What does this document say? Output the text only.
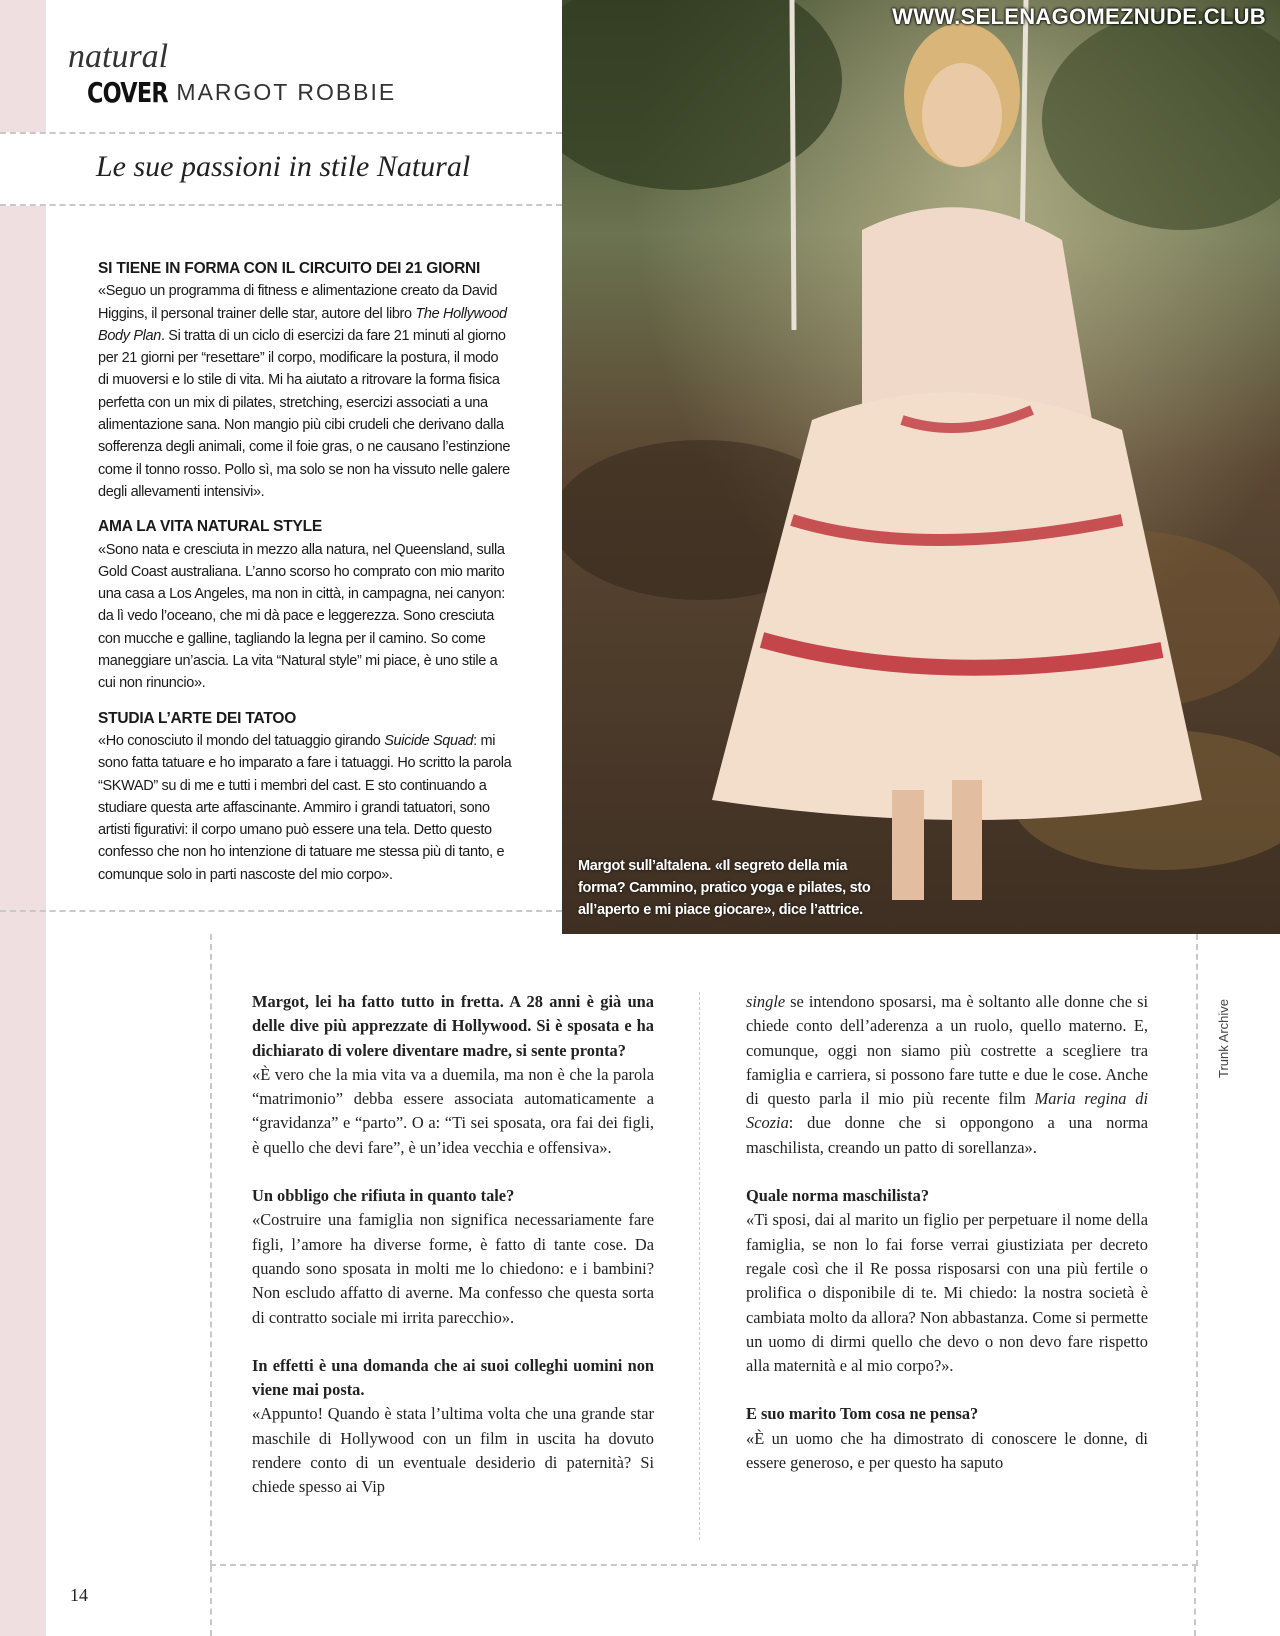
natural
COVER MARGOT ROBBIE
Le sue passioni in stile Natural
SI TIENE IN FORMA CON IL CIRCUITO DEI 21 GIORNI

«Seguo un programma di fitness e alimentazione creato da David Higgins, il personal trainer delle star, autore del libro The Hollywood Body Plan. Si tratta di un ciclo di esercizi da fare 21 minuti al giorno per 21 giorni per “resettare” il corpo, modificare la postura, il modo di muoversi e lo stile di vita. Mi ha aiutato a ritrovare la forma fisica perfetta con un mix di pilates, stretching, esercizi associati a una alimentazione sana. Non mangio più cibi crudeli che derivano dalla sofferenza degli animali, come il foie gras, o ne causano l’estinzione come il tonno rosso. Pollo sì, ma solo se non ha vissuto nelle galere degli allevamenti intensivi».

AMA LA VITA NATURAL STYLE

«Sono nata e cresciuta in mezzo alla natura, nel Queensland, sulla Gold Coast australiana. L’anno scorso ho comprato con mio marito una casa a Los Angeles, ma non in città, in campagna, nei canyon: da lì vedo l’oceano, che mi dà pace e leggerezza. Sono cresciuta con mucche e galline, tagliando la legna per il camino. So come maneggiare un’ascia. La vita “Natural style” mi piace, è uno stile a cui non rinuncio».

STUDIA L’ARTE DEI TATOO

«Ho conosciuto il mondo del tatuaggio girando Suicide Squad: mi sono fatta tatuare e ho imparato a fare i tatuaggi. Ho scritto la parola “SKWAD” su di me e tutti i membri del cast. E sto continuando a studiare questa arte affascinante. Ammiro i grandi tatuatori, sono artisti figurativi: il corpo umano può essere una tela. Detto questo confesso che non ho intenzione di tatuare me stessa più di tanto, e comunque solo in parti nascoste del mio corpo».

WWW.SELENAGOMEZNUDE.CLUB
Margot sull’altalena. «Il segreto della mia forma? Cammino, pratico yoga e pilates, sto all’aperto e mi piace giocare», dice l’attrice.
Margot, lei ha fatto tutto in fretta. A 28 anni è già una delle dive più apprezzate di Hollywood. Si è sposata e ha dichiarato di volere diventare madre, si sente pronta?
«È vero che la mia vita va a duemila, ma non è che la parola “matrimonio” debba essere associata automaticamente a “gravidanza” e “parto”. O a: “Ti sei sposata, ora fai dei figli, è quello che devi fare”, è un’idea vecchia e offensiva».
Un obbligo che rifiuta in quanto tale?
«Costruire una famiglia non significa necessariamente fare figli, l’amore ha diverse forme, è fatto di tante cose. Da quando sono sposata in molti me lo chiedono: e i bambini? Non escludo affatto di averne. Ma confesso che questa sorta di contratto sociale mi irrita parecchio».
In effetti è una domanda che ai suoi colleghi uomini non viene mai posta.
«Appunto! Quando è stata l’ultima volta che una grande star maschile di Hollywood con un film in uscita ha dovuto rendere conto di un eventuale desiderio di paternità? Si chiede spesso ai Vip
single se intendono sposarsi, ma è soltanto alle donne che si chiede conto dell’aderenza a un ruolo, quello materno. E, comunque, oggi non siamo più costrette a scegliere tra famiglia e carriera, si possono fare tutte e due le cose. Anche di questo parla il mio più recente film Maria regina di Scozia: due donne che si oppongono a una norma maschilista, creando un patto di sorellanza».
Quale norma maschilista?
«Ti sposi, dai al marito un figlio per perpetuare il nome della famiglia, se non lo fai forse verrai giustiziata per decreto regale così che il Re possa risposarsi con una più fertile o prolifica o disponibile di te. Mi chiedo: la nostra società è cambiata molto da allora? Non abbastanza. Come si permette un uomo di dirmi quello che devo o non devo fare rispetto alla maternità e al mio corpo?».
E suo marito Tom cosa ne pensa?
«È un uomo che ha dimostrato di conoscere le donne, di essere generoso, e per questo ha saputo
Trunk Archive
14
